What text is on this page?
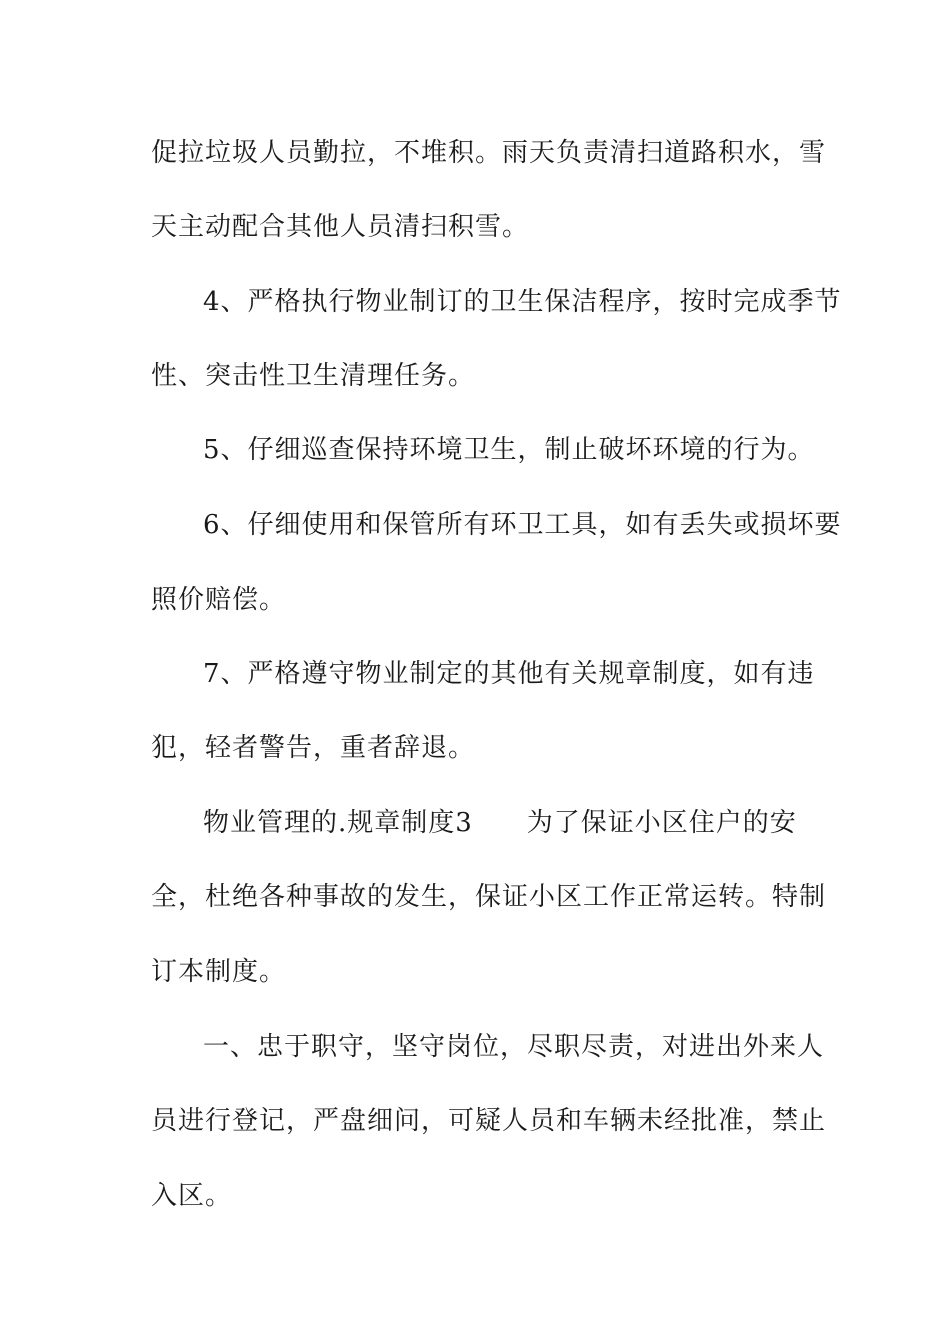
促拉垃圾人员勤拉，不堆积。雨天负责清扫道路积水，雪
天主动配合其他人员清扫积雪。
4、严格执行物业制订的卫生保洁程序，按时完成季节
性、突击性卫生清理任务。
5、仔细巡查保持环境卫生，制止破坏环境的行为。
6、仔细使用和保管所有环卫工具，如有丢失或损坏要
照价赔偿。
7、严格遵守物业制定的其他有关规章制度，如有违
犯，轻者警告，重者辞退。
物业管理的.规章制度3　　为了保证小区住户的安
全，杜绝各种事故的发生，保证小区工作正常运转。特制
订本制度。
一、忠于职守，坚守岗位，尽职尽责，对进出外来人
员进行登记，严盘细问，可疑人员和车辆未经批准，禁止
入区。
